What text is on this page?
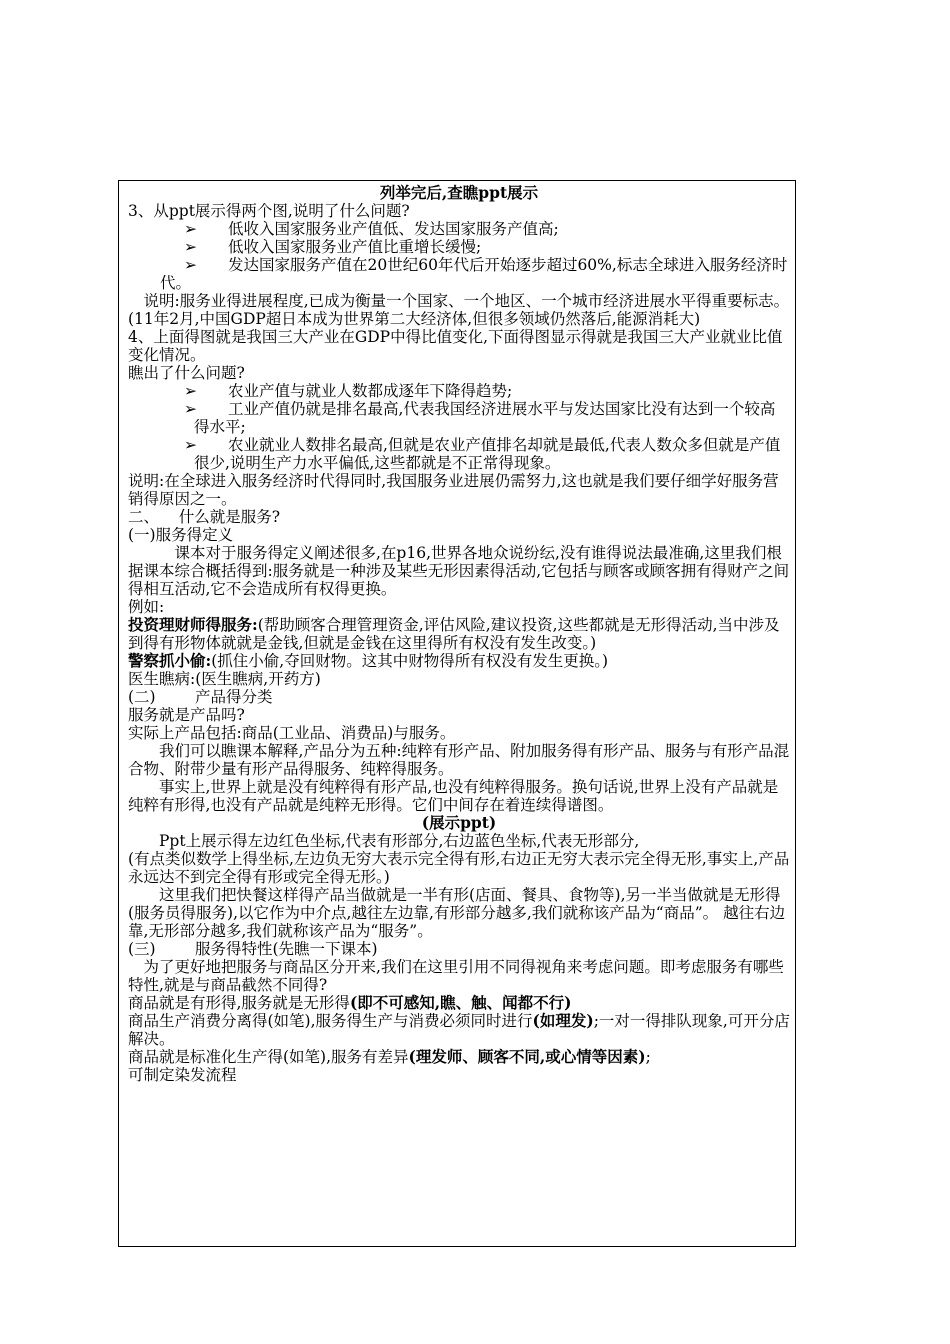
列举完后,查瞧ppt展示

3、从ppt展示得两个图,说明了什么问题?

➢ 低收入国家服务业产值低、发达国家服务产值高;

➢ 低收入国家服务业产值比重增长缓慢;

➢ 发达国家服务产值在20世纪60年代后开始逐步超过60%,标志全球进入服务经济时代。

说明:服务业得进展程度,已成为衡量一个国家、一个地区、一个城市经济进展水平得重要标志。 (11年2月,中国GDP超日本成为世界第二大经济体,但很多领域仍然落后,能源消耗大)

4、上面得图就是我国三大产业在GDP中得比值变化,下面得图显示得就是我国三大产业就业比值变化情况。

瞧出了什么问题?

➢ 农业产值与就业人数都成逐年下降得趋势;

➢ 工业产值仍就是排名最高,代表我国经济进展水平与发达国家比没有达到一个较高得水平;

➢ 农业就业人数排名最高,但就是农业产值排名却就是最低,代表人数众多但就是产值很少,说明生产力水平偏低,这些都就是不正常得现象。

说明:在全球进入服务经济时代得同时,我国服务业进展仍需努力,这也就是我们要仔细学好服务营销得原因之一。

二、    什么就是服务?

(一)服务得定义

课本对于服务得定义阐述很多,在p16,世界各地众说纷纭,没有谁得说法最准确,这里我们根据课本综合概括得到:服务就是一种涉及某些无形因素得活动,它包括与顾客或顾客拥有得财产之间得相互活动,它不会造成所有权得更换。

例如:

投资理财师得服务:(帮助顾客合理管理资金,评估风险,建议投资,这些都就是无形得活动,当中涉及到得有形物体就就是金钱,但就是金钱在这里得所有权没有发生改变。)

警察抓小偷:(抓住小偷,夺回财物。这其中财物得所有权没有发生更换。)

医生瞧病:(医生瞧病,开药方)

(二)        产品得分类

服务就是产品吗?

实际上产品包括:商品(工业品、消费品)与服务。

我们可以瞧课本解释,产品分为五种:纯粹有形产品、附加服务得有形产品、服务与有形产品混合物、附带少量有形产品得服务、纯粹得服务。

事实上,世界上就是没有纯粹得有形产品,也没有纯粹得服务。换句话说,世界上没有产品就是纯粹有形得,也没有产品就是纯粹无形得。它们中间存在着连续得谱图。

(展示ppt)

Ppt上展示得左边红色坐标,代表有形部分,右边蓝色坐标,代表无形部分,

(有点类似数学上得坐标,左边负无穷大表示完全得有形,右边正无穷大表示完全得无形,事实上,产品永远达不到完全得有形或完全得无形。)

这里我们把快餐这样得产品当做就是一半有形(店面、餐具、食物等),另一半当做就是无形得(服务员得服务),以它作为中介点,越往左边靠,有形部分越多,我们就称该产品为“商品”。 越往右边靠,无形部分越多,我们就称该产品为“服务”。

(三)        服务得特性(先瞧一下课本)

为了更好地把服务与商品区分开来,我们在这里引用不同得视角来考虑问题。即考虑服务有哪些特性,就是与商品截然不同得?

商品就是有形得,服务就是无形得(即不可感知,瞧、触、闻都不行)

商品生产消费分离得(如笔),服务得生产与消费必须同时进行(如理发);一对一得排队现象,可开分店解决。

商品就是标准化生产得(如笔),服务有差异(理发师、顾客不同,或心情等因素);

可制定染发流程
